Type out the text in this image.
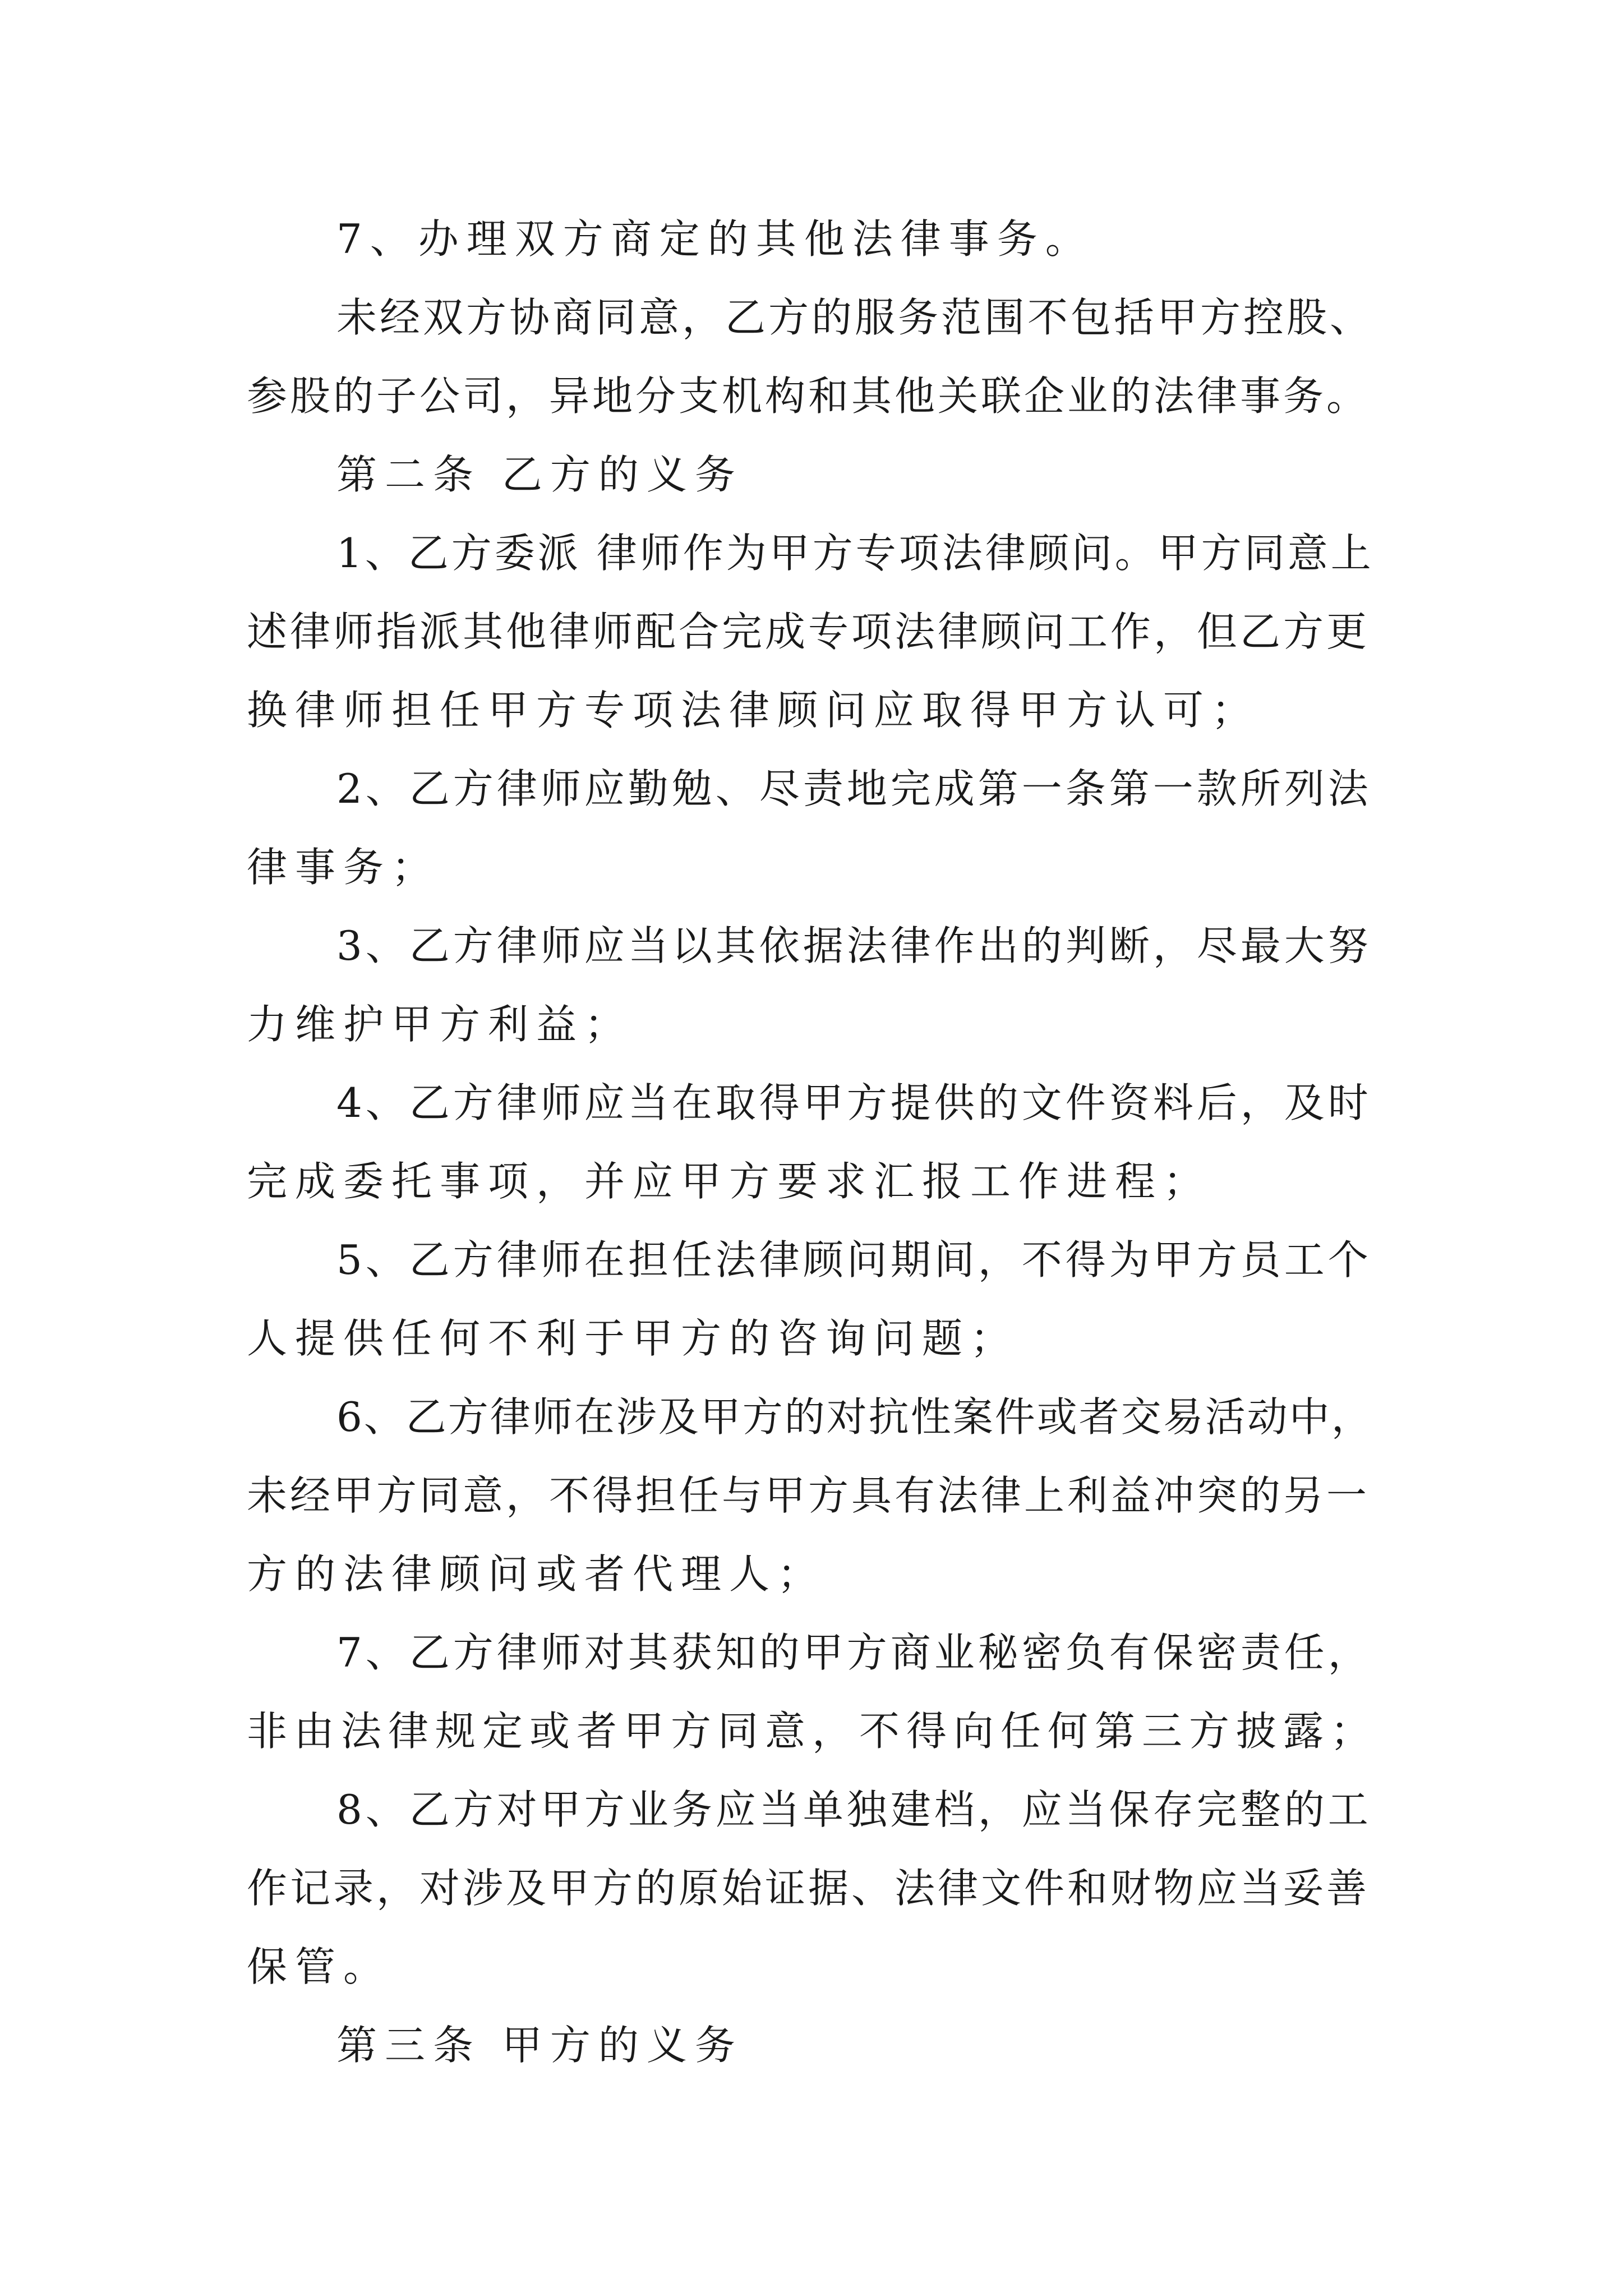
7、办理双方商定的其他法律事务。
未经双方协商同意，乙方的服务范围不包括甲方控股、
参股的子公司，异地分支机构和其他关联企业的法律事务。
第二条 乙方的义务
1、乙方委派 律师作为甲方专项法律顾问。甲方同意上
述律师指派其他律师配合完成专项法律顾问工作，但乙方更
换律师担任甲方专项法律顾问应取得甲方认可；
2、乙方律师应勤勉、尽责地完成第一条第一款所列法
律事务；
3、乙方律师应当以其依据法律作出的判断，尽最大努
力维护甲方利益；
4、乙方律师应当在取得甲方提供的文件资料后，及时
完成委托事项，并应甲方要求汇报工作进程；
5、乙方律师在担任法律顾问期间，不得为甲方员工个
人提供任何不利于甲方的咨询问题；
6、乙方律师在涉及甲方的对抗性案件或者交易活动中，
未经甲方同意，不得担任与甲方具有法律上利益冲突的另一
方的法律顾问或者代理人；
7、乙方律师对其获知的甲方商业秘密负有保密责任，
非由法律规定或者甲方同意，不得向任何第三方披露；
8、乙方对甲方业务应当单独建档，应当保存完整的工
作记录，对涉及甲方的原始证据、法律文件和财物应当妥善
保管。
第三条 甲方的义务
